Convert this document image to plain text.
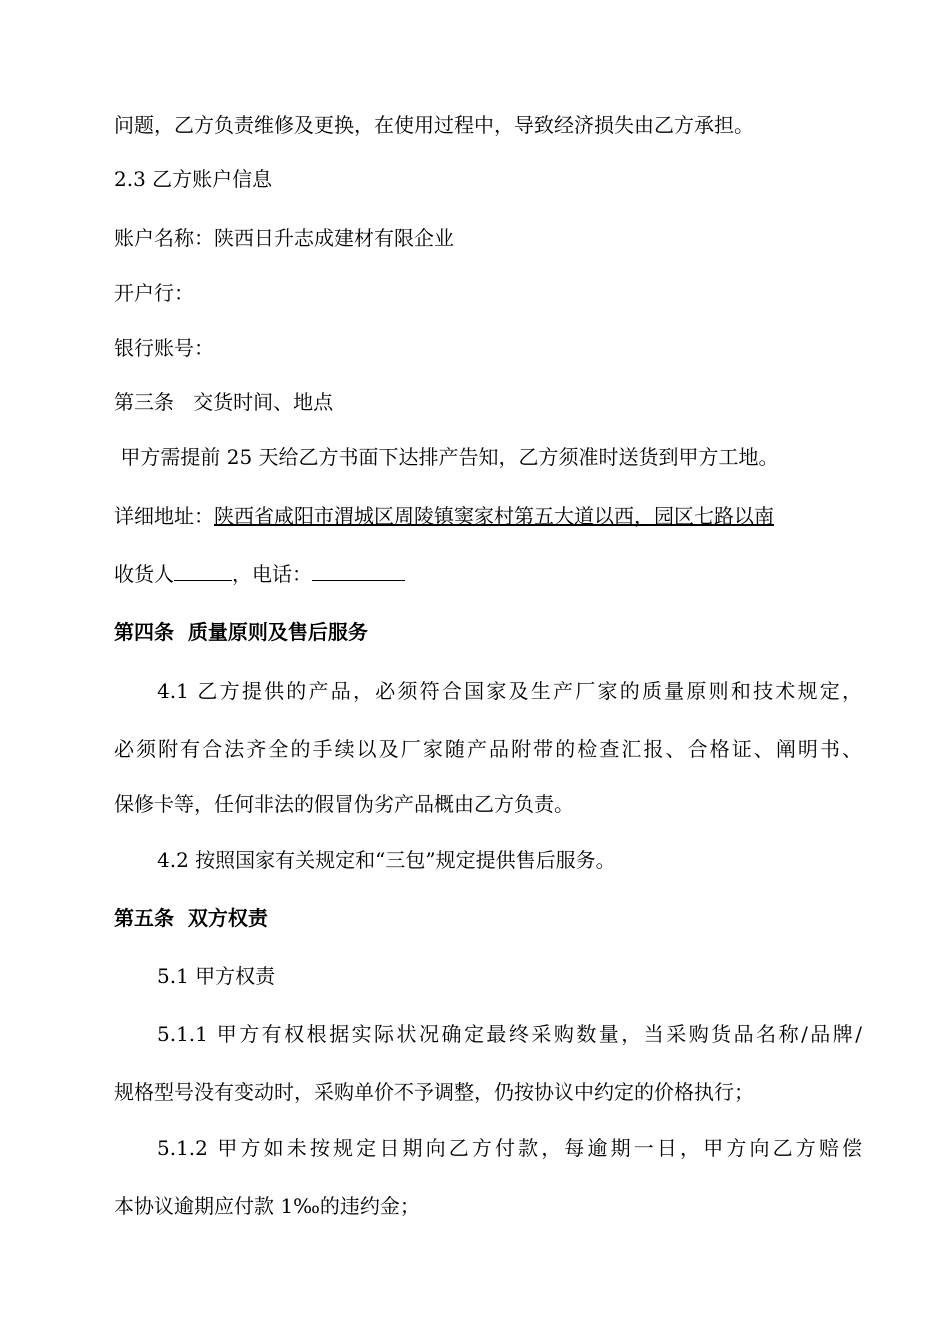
问题，乙方负责维修及更换，在使用过程中，导致经济损失由乙方承担。
2.3 乙方账户信息
账户名称：陕西日升志成建材有限企业
开户行：
银行账号：
第三条   交货时间、地点
甲方需提前 25 天给乙方书面下达排产告知，乙方须准时送货到甲方工地。
详细地址：陕西省咸阳市渭城区周陵镇窦家村第五大道以西，园区七路以南
收货人	，电话：
第四条  质量原则及售后服务
4.1 乙方提供的产品，必须符合国家及生产厂家的质量原则和技术规定，
必须附有合法齐全的手续以及厂家随产品附带的检查汇报、合格证、阐明书、
保修卡等，任何非法的假冒伪劣产品概由乙方负责。
4.2 按照国家有关规定和“三包”规定提供售后服务。
第五条  双方权责
5.1 甲方权责
5.1.1 甲方有权根据实际状况确定最终采购数量，当采购货品名称/品牌/
规格型号没有变动时，采购单价不予调整，仍按协议中约定的价格执行；
5.1.2 甲方如未按规定日期向乙方付款，每逾期一日，甲方向乙方赔偿
本协议逾期应付款 1‰的违约金；
